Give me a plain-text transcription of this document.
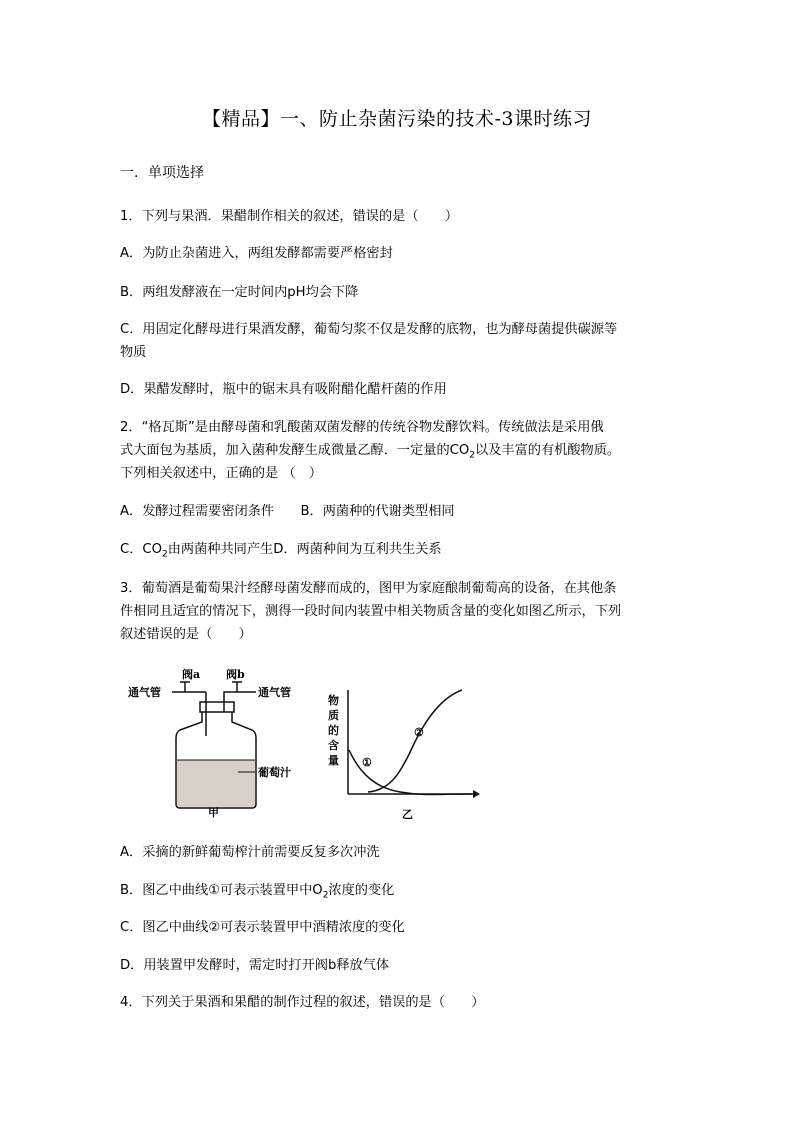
【精品】一、防止杂菌污染的技术-3课时练习
一．单项选择
1．下列与果酒．果醋制作相关的叙述，错误的是（　　）
A．为防止杂菌进入，两组发酵都需要严格密封
B．两组发酵液在一定时间内pH均会下降
C．用固定化酵母进行果酒发酵，葡萄匀浆不仅是发酵的底物，也为酵母菌提供碳源等
物质
D．果醋发酵时，瓶中的锯末具有吸附醋化醋杆菌的作用
2．“格瓦斯”是由酵母菌和乳酸菌双菌发酵的传统谷物发酵饮料。传统做法是采用俄
式大面包为基质，加入菌种发酵生成微量乙醇．一定量的$CO_2$以及丰富的有机酸物质。
下列相关叙述中，正确的是 （　）
A．发酵过程需要密闭条件　　B．两菌种的代谢类型相同
C．$CO_2$由两菌种共同产生D．两菌种间为互利共生关系
3．葡萄酒是葡萄果汁经酵母菌发酵而成的，图甲为家庭酿制葡萄高的设备，在其他条
件相同且适宜的情况下，测得一段时间内装置中相关物质含量的变化如图乙所示，下列
叙述错误的是（　　）
阀a 阀b
通气管	通气管
葡萄汁
甲
物
质
的
含
量 ①
②
乙
A．采摘的新鲜葡萄榨汁前需要反复多次冲洗
B．图乙中曲线①可表示装置甲中$O_2$浓度的变化
C．图乙中曲线②可表示装置甲中酒精浓度的变化
D．用装置甲发酵时，需定时打开阀b释放气体
4．下列关于果酒和果醋的制作过程的叙述，错误的是（　　）
